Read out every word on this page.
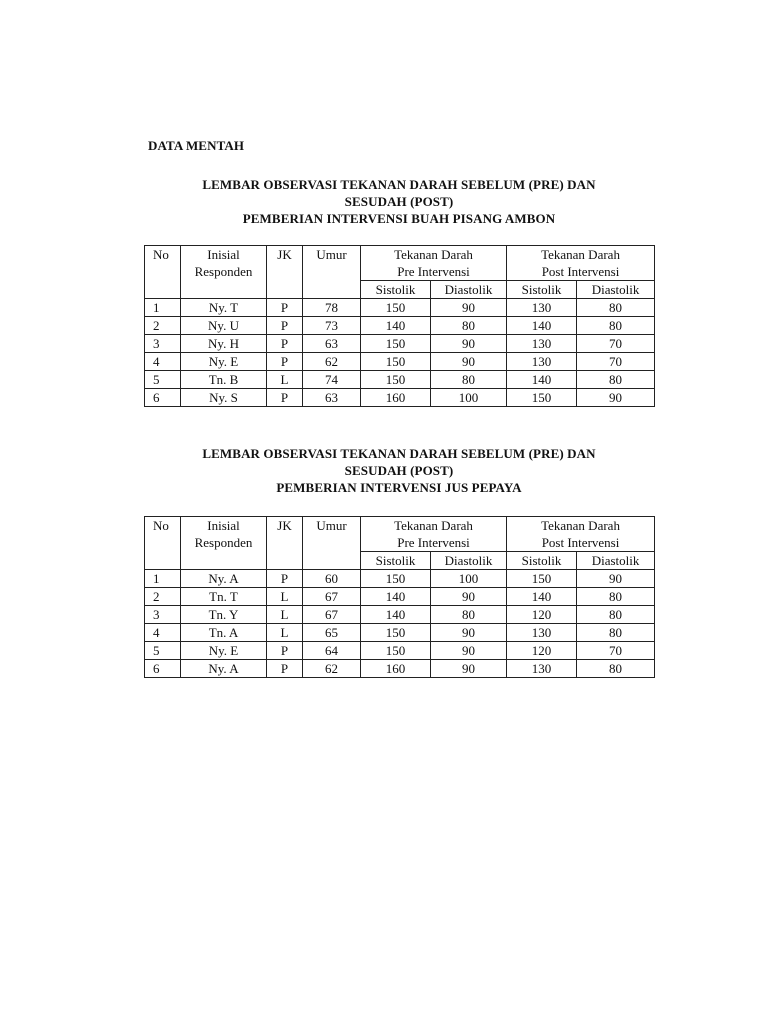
DATA MENTAH
LEMBAR OBSERVASI TEKANAN DARAH SEBELUM (PRE) DAN
SESUDAH (POST)
PEMBERIAN INTERVENSI BUAH PISANG AMBON
No	Inisial	JK	Umur	Tekanan Darah		Tekanan Darah	
	Responden			Pre Intervensi		Post Intervensi	
				Sistolik	Diastolik	Sistolik	Diastolik
1	Ny. T	P	78	150	90	130	80
2	Ny. U	P	73	140	80	140	80
3	Ny. H	P	63	150	90	130	70
4	Ny. E	P	62	150	90	130	70
5	Tn. B	L	74	150	80	140	80
6	Ny. S	P	63	160	100	150	90
LEMBAR OBSERVASI TEKANAN DARAH SEBELUM (PRE) DAN
SESUDAH (POST)
PEMBERIAN INTERVENSI JUS PEPAYA
No	Inisial	JK	Umur	Tekanan Darah		Tekanan Darah	
	Responden			Pre Intervensi		Post Intervensi	
				Sistolik	Diastolik	Sistolik	Diastolik
1	Ny. A	P	60	150	100	150	90
2	Tn. T	L	67	140	90	140	80
3	Tn. Y	L	67	140	80	120	80
4	Tn. A	L	65	150	90	130	80
5	Ny. E	P	64	150	90	120	70
6	Ny. A	P	62	160	90	130	80
